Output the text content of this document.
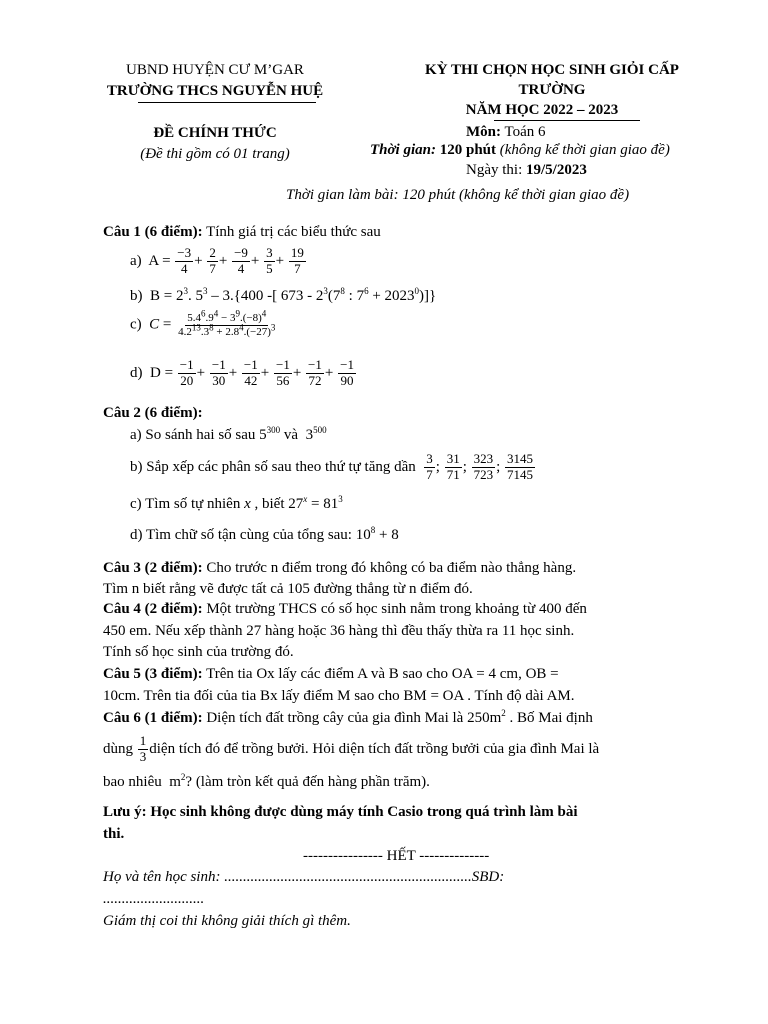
UBND HUYỆN CƯ M’GAR
TRƯỜNG THCS NGUYỄN HUỆ
ĐỀ CHÍNH THỨC
(Đề thi gồm có 01 trang)
KỲ THI CHỌN HỌC SINH GIỎI CẤP
TRƯỜNG
NĂM HỌC 2022 – 2023
Môn: Toán 6
Thời gian: 120 phút (không kể thời gian giao đề)
Ngày thi: 19/5/2023
Thời gian làm bài: 120 phút (không kể thời gian giao đề)
Câu 1 (6 điểm): Tính giá trị các biểu thức sau
a)  $A = \frac{-3}{4} + \frac{2}{7} + \frac{-9}{4} + \frac{3}{5} + \frac{19}{7}$
b)  $B = 2^3$. $5^3 - 3.\{400$ -[ $673 - 2^3(7^8$ : $7^6 + 2023^0$)]}
c) $C = \frac{5.4^6.9^4 - 3^9.(-8)^4}{4.2^{13}.3^8 + 2.8^4.(-27)^3}$
d)  $D = \frac{-1}{20} + \frac{-1}{30} + \frac{-1}{42} + \frac{-1}{56} + \frac{-1}{72} + \frac{-1}{90}$
Câu 2 (6 điểm):
a) So sánh hai số sau $5^{300}$ và  $3^{500}$
b) Sắp xếp các phân số sau theo thứ tự tăng dần $\frac{3}{7}$ ; $\frac{31}{71}$ ; $\frac{323}{723}$ ; $\frac{3145}{7145}$
c) Tìm số tự nhiên x , biết $27^x = 81^3$
d) Tìm chữ số tận cùng của tổng sau: $10^8 + 8$
Câu 3 (2 điểm): Cho trước n điểm trong đó không có ba điểm nào thẳng hàng.
Tìm n biết rằng vẽ được tất cả 105 đường thẳng từ n điểm đó.
Câu 4 (2 điểm): Một trường THCS có số học sinh nằm trong khoảng từ 400 đến
450 em. Nếu xếp thành 27 hàng hoặc 36 hàng thì đều thấy thừa ra 11 học sinh.
Tính số học sinh của trường đó.
Câu 5 (3 điểm): Trên tia Ox lấy các điểm A và B sao cho OA = 4 cm, OB =
10cm. Trên tia đối của tia Bx lấy điểm M sao cho BM = OA . Tính độ dài AM.
Câu 6 (1 điểm): Diện tích đất trồng cây của gia đình Mai là $250m^2$ . Bố Mai định
dùng $\frac{1}{3}$ diện tích đó để trồng bưởi. Hỏi diện tích đất trồng bưởi của gia đình Mai là
bao nhiêu $m^2$? (làm tròn kết quả đến hàng phần trăm).
Lưu ý: Học sinh không được dùng máy tính Casio trong quá trình làm bài
thi.
---------------- HẾT --------------
Họ và tên học sinh: ..................................................................SBD:
...........................
Giám thị coi thi không giải thích gì thêm.
